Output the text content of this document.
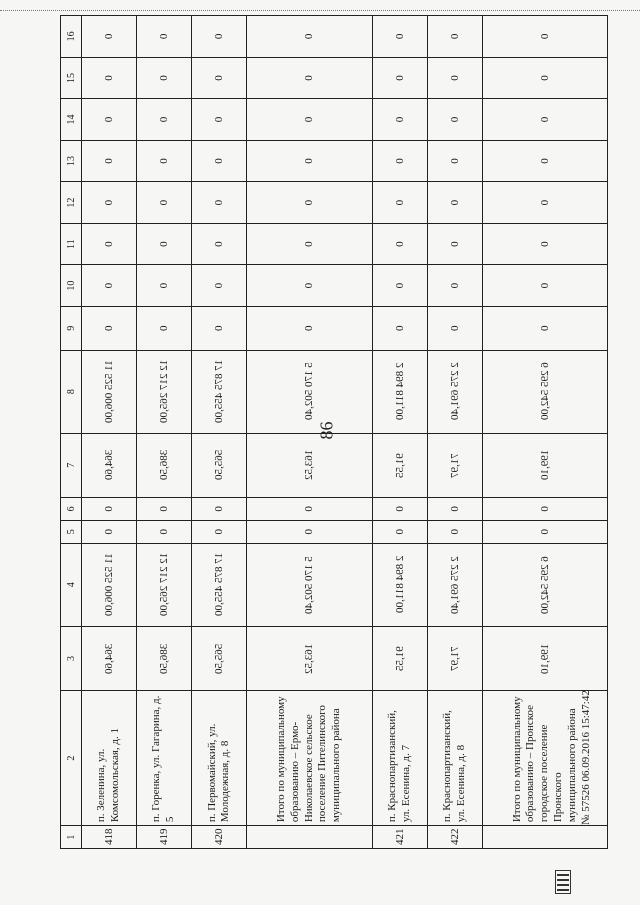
86
1	2	3	4	5	6	7	8	9	10	11	12	13	14	15	16
418	п. Зеленина, ул. Комсомольская, д. 1	364,60	11 525 006,00	0	0	364,60	11 525 006,00	0	0	0	0	0	0	0	0
419	п. Горенка, ул. Гагарина, д. 5	386,50	12 217 265,00	0	0	386,50	12 217 265,00	0	0	0	0	0	0	0	0
420	п. Первомайский, ул. Молодежная, д. 8	565,50	17 875 455,00	0	0	565,50	17 875 455,00	0	0	0	0	0	0	0	0
	Итого по муниципальному образованию – Ермо-Николаевское сельское поселение Пителинского муниципального района	163,52	5 170 502,40	0	0	163,52	5 170 502,40	0	0	0	0	0	0	0	0
421	п. Краснопартизанский, ул. Есенина, д. 7	91,55	2 894 811,00	0	0	91,55	2 894 811,00	0	0	0	0	0	0	0	0
422	п. Краснопартизанский, ул. Есенина, д. 8	71,97	2 275 691,40	0	0	71,97	2 275 691,40	0	0	0	0	0	0	0	0
	Итого по муниципальному образованию – Пронское городское поселение Пронского муниципального района	199,10	6 295 542,00	0	0	199,10	6 295 542,00	0	0	0	0	0	0	0	0
№ 57526 06.09.2016 15:47:42
